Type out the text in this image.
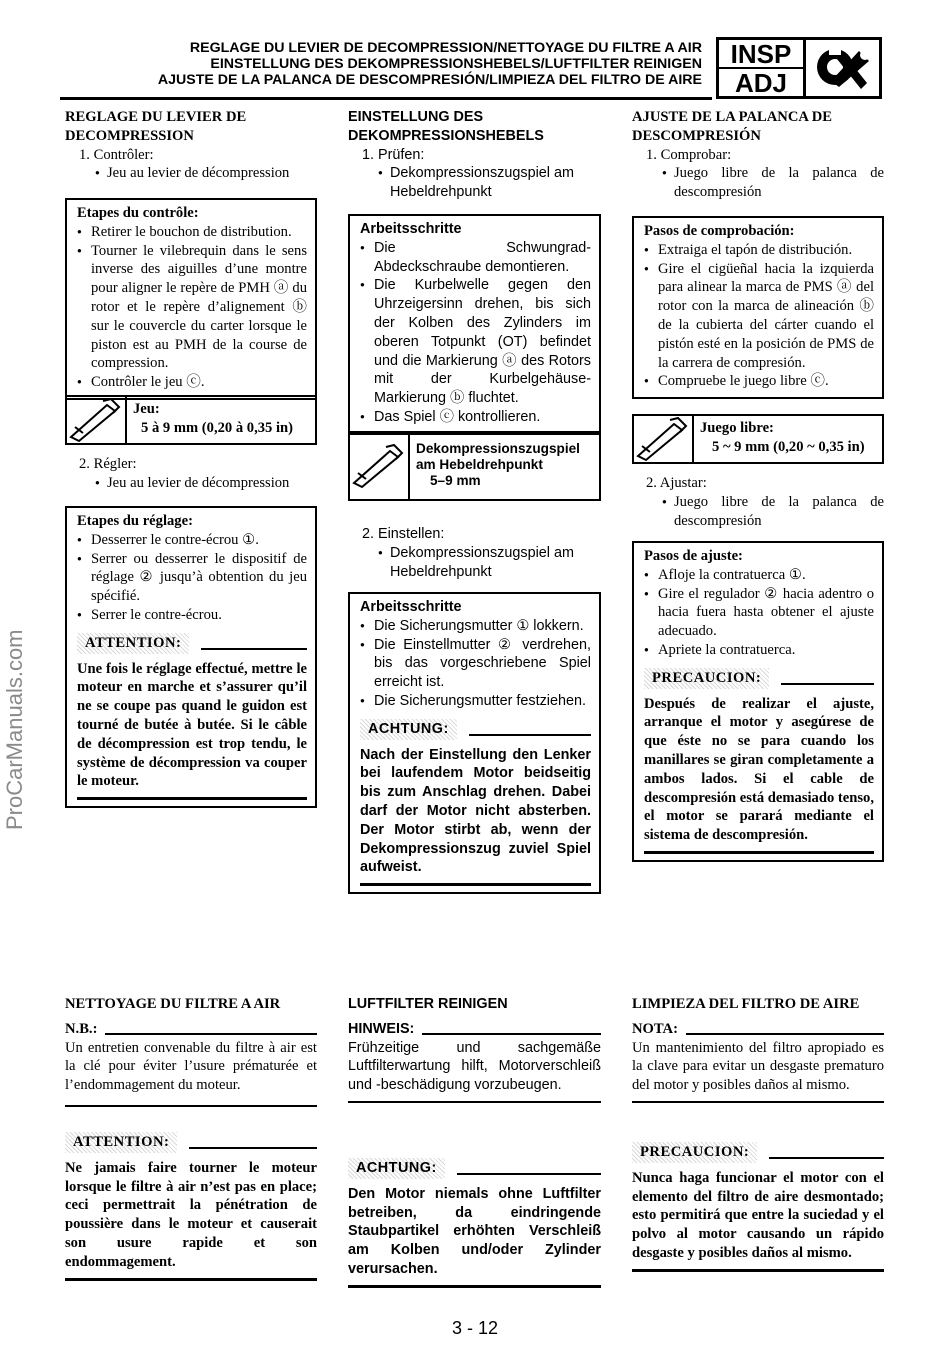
REGLAGE DU LEVIER DE DECOMPRESSION/NETTOYAGE DU FILTRE A AIR
EINSTELLUNG DES DEKOMPRESSIONSHEBELS/LUFTFILTER REINIGEN
AJUSTE DE LA PALANCA DE DESCOMPRESIÓN/LIMPIEZA DEL FILTRO DE AIRE
INSP
ADJ
ProCarManuals.com
REGLAGE DU LEVIER DE DECOMPRESSION
1. Contrôler:
● Jeu au levier de décompression
Etapes du contrôle:
● Retirer le bouchon de distribution.
● Tourner le vilebrequin dans le sens inverse des aiguilles d’une montre pour aligner le repère de PMH ⓐ du rotor et le repère d’alignement ⓑ sur le couvercle du carter lorsque le piston est au PMH de la course de compression.
● Contrôler le jeu ⓒ.
Jeu:
5 à 9 mm (0,20 à 0,35 in)
2. Régler:
● Jeu au levier de décompression
Etapes du réglage:
● Desserrer le contre-écrou ①.
● Serrer ou desserrer le dispositif de réglage ② jusqu’à obtention du jeu spécifié.
● Serrer le contre-écrou.
ATTENTION:
Une fois le réglage effectué, mettre le moteur en marche et s’assurer qu’il ne se coupe pas quand le guidon est tourné de butée à butée. Si le câble de décompression est trop tendu, le système de décompression va couper le moteur.
EINSTELLUNG DES DEKOMPRESSIONSHEBELS
1. Prüfen:
● Dekompressionszugspiel am Hebeldrehpunkt
Arbeitsschritte
● Die Schwungrad-Abdeckschraube demontieren.
● Die Kurbelwelle gegen den Uhrzeigersinn drehen, bis sich der Kolben des Zylinders im oberen Totpunkt (OT) befindet und die Markierung ⓐ des Rotors mit der Kurbelgehäuse-Markierung ⓑ fluchtet.
● Das Spiel ⓒ kontrollieren.
Dekompressionszugspiel am Hebeldrehpunkt
5–9 mm
2. Einstellen:
● Dekompressionszugspiel am Hebeldrehpunkt
Arbeitsschritte
● Die Sicherungsmutter ① lokkern.
● Die Einstellmutter ② verdrehen, bis das vorgeschriebene Spiel erreicht ist.
● Die Sicherungsmutter festziehen.
ACHTUNG:
Nach der Einstellung den Lenker bei laufendem Motor beidseitig bis zum Anschlag drehen. Dabei darf der Motor nicht absterben. Der Motor stirbt ab, wenn der Dekompressionszug zuviel Spiel aufweist.
AJUSTE DE LA PALANCA DE DESCOMPRESIÓN
1. Comprobar:
● Juego libre de la palanca de descompresión
Pasos de comprobación:
● Extraiga el tapón de distribución.
● Gire el cigüeñal hacia la izquierda para alinear la marca de PMS ⓐ del rotor con la marca de alineación ⓑ de la cubierta del cárter cuando el pistón esté en la posición de PMS de la carrera de compresión.
● Compruebe le juego libre ⓒ.
Juego libre:
5 ~ 9 mm (0,20 ~ 0,35 in)
2. Ajustar:
● Juego libre de la palanca de descompresión
Pasos de ajuste:
● Afloje la contratuerca ①.
● Gire el regulador ② hacia adentro o hacia fuera hasta obtener el ajuste adecuado.
● Apriete la contratuerca.
PRECAUCION:
Después de realizar el ajuste, arranque el motor y asegúrese de que éste no se para cuando los manillares se giran completamente a ambos lados. Si el cable de descompresión está demasiado tenso, el motor se parará mediante el sistema de descompresión.
NETTOYAGE DU FILTRE A AIR
N.B.:
Un entretien convenable du filtre à air est la clé pour éviter l’usure prématurée et l’endommagement du moteur.
ATTENTION:
Ne jamais faire tourner le moteur lorsque le filtre à air n’est pas en place; ceci permettrait la pénétration de poussière dans le moteur et causerait son usure rapide et son endommagement.
LUFTFILTER REINIGEN
HINWEIS:
Frühzeitige und sachgemäße Luftfilterwartung hilft, Motorverschleiß und -beschädigung vorzubeugen.
ACHTUNG:
Den Motor niemals ohne Luftfilter betreiben, da eindringende Staubpartikel erhöhten Verschleiß am Kolben und/oder Zylinder verursachen.
LIMPIEZA DEL FILTRO DE AIRE
NOTA:
Un mantenimiento del filtro apropiado es la clave para evitar un desgaste prematuro del motor y posibles daños al mismo.
PRECAUCION:
Nunca haga funcionar el motor con el elemento del filtro de aire desmontado; esto permitirá que entre la suciedad y el polvo al motor causando un rápido desgaste y posibles daños al mismo.
3 - 12
